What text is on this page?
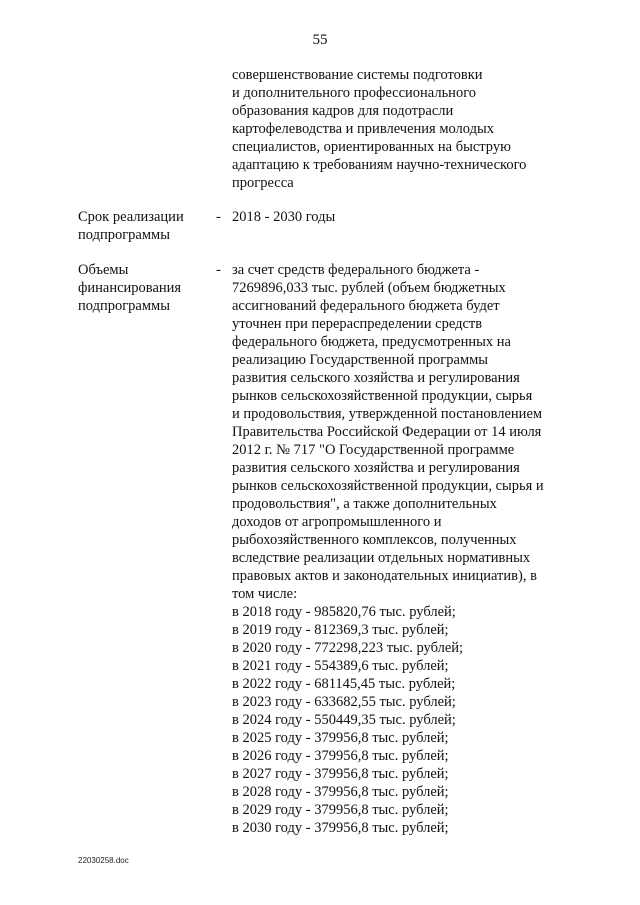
55
совершенствование системы подготовки
и дополнительного профессионального
образования кадров для подотрасли
картофелеводства и привлечения молодых
специалистов, ориентированных на быструю
адаптацию к требованиям научно-технического
прогресса
Срок реализации
подпрограммы
- 2018 - 2030 годы
Объемы
финансирования
подпрограммы
- за счет средств федерального бюджета -
7269896,033 тыс. рублей (объем бюджетных
ассигнований федерального бюджета будет
уточнен при перераспределении средств
федерального бюджета, предусмотренных на
реализацию Государственной программы
развития сельского хозяйства и регулирования
рынков сельскохозяйственной продукции, сырья
и продовольствия, утвержденной постановлением
Правительства Российской Федерации от 14 июля
2012 г. № 717 "О Государственной программе
развития сельского хозяйства и регулирования
рынков сельскохозяйственной продукции, сырья и
продовольствия", а также дополнительных
доходов от агропромышленного и
рыбохозяйственного комплексов, полученных
вследствие реализации отдельных нормативных
правовых актов и законодательных инициатив), в
том числе:
в 2018 году - 985820,76 тыс. рублей;
в 2019 году - 812369,3 тыс. рублей;
в 2020 году - 772298,223 тыс. рублей;
в 2021 году - 554389,6 тыс. рублей;
в 2022 году - 681145,45 тыс. рублей;
в 2023 году - 633682,55 тыс. рублей;
в 2024 году - 550449,35 тыс. рублей;
в 2025 году - 379956,8 тыс. рублей;
в 2026 году - 379956,8 тыс. рублей;
в 2027 году - 379956,8 тыс. рублей;
в 2028 году - 379956,8 тыс. рублей;
в 2029 году - 379956,8 тыс. рублей;
в 2030 году - 379956,8 тыс. рублей;
22030258.doc
